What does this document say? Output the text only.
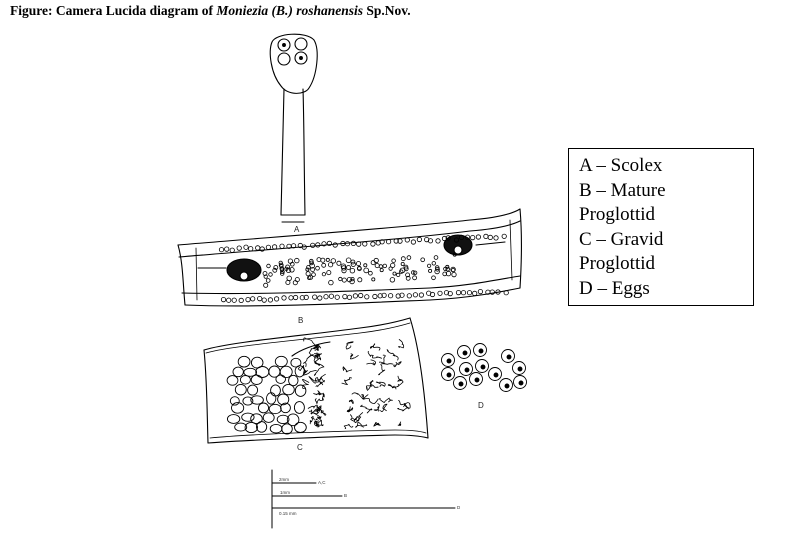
Figure: Camera Lucida diagram of Moniezia (B.) roshanensis Sp.Nov.
A
B
C
D
2mm
A,C
1mm
B
0.15 mm
D
A – Scolex
B – Mature
Proglottid
C – Gravid
Proglottid
D – Eggs
